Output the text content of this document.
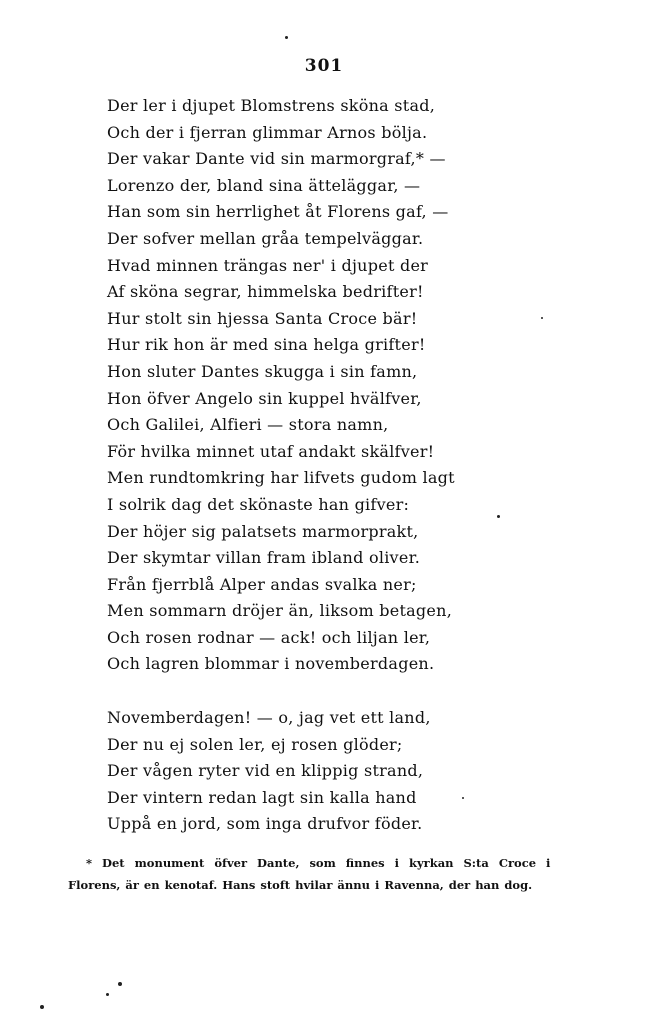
301
Der ler i djupet Blomstrens sköna stad,
Och der i fjerran glimmar Arnos bölja.
Der vakar Dante vid sin marmorgraf,* —
Lorenzo der, bland sina ätteläggar, —
Han som sin herrlighet åt Florens gaf, —
Der sofver mellan gråa tempelväggar.
Hvad minnen trängas ner' i djupet der
Af sköna segrar, himmelska bedrifter!
Hur stolt sin hjessa Santa Croce bär!
Hur rik hon är med sina helga grifter!
Hon sluter Dantes skugga i sin famn,
Hon öfver Angelo sin kuppel hvälfver,
Och Galilei, Alfieri — stora namn,
För hvilka minnet utaf andakt skälfver!
Men rundtomkring har lifvets gudom lagt
I solrik dag det skönaste han gifver:
Der höjer sig palatsets marmorprakt,
Der skymtar villan fram ibland oliver.
Från fjerrblå Alper andas svalka ner;
Men sommarn dröjer än, liksom betagen,
Och rosen rodnar — ack! och liljan ler,
Och lagren blommar i novemberdagen.
Novemberdagen! — o, jag vet ett land,
Der nu ej solen ler, ej rosen glöder;
Der vågen ryter vid en klippig strand,
Der vintern redan lagt sin kalla hand
Uppå en jord, som inga drufvor föder.
* Det monument öfver Dante, som finnes i kyrkan S:ta Croce i
Florens, är en kenotaf. Hans stoft hvilar ännu i Ravenna, der han dog.
